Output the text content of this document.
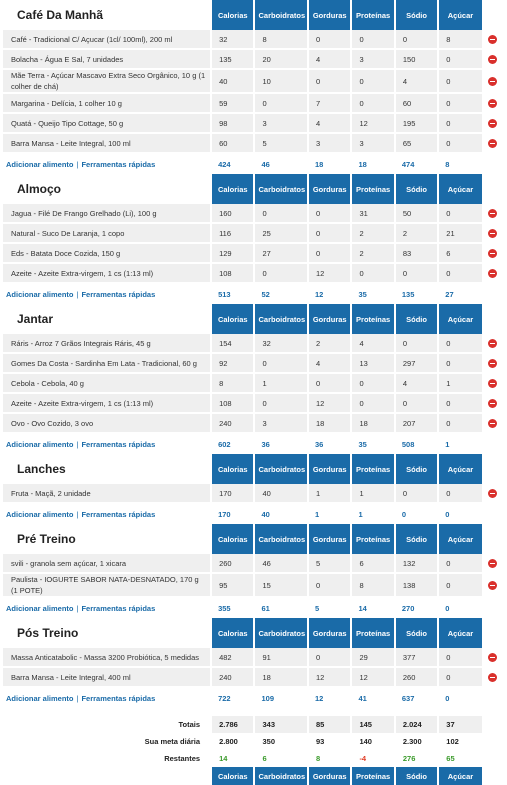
Café Da Manhã	Calorias	Carboidratos	Gorduras	Proteínas	Sódio	Açúcar	
Café - Tradicional C/ Açucar (1cl/ 100ml), 200 ml	32	8	0	0	0	8	
Bolacha - Água E Sal, 7 unidades	135	20	4	3	150	0	
Mãe Terra - Açúcar Mascavo Extra Seco Orgânico, 10 g (1 colher de chá)	40	10	0	0	4	0	
Margarina - Delícia, 1 colher 10 g	59	0	7	0	60	0	
Quatá - Queijo Tipo Cottage, 50 g	98	3	4	12	195	0	
Barra Mansa - Leite Integral, 100 ml	60	5	3	3	65	0	
Adicionar alimento | Ferramentas rápidas	424	46	18	18	474	8	
Almoço	Calorias	Carboidratos	Gorduras	Proteínas	Sódio	Açúcar	
Jagua - Filé De Frango Grelhado (Li), 100 g	160	0	0	31	50	0	
Natural - Suco De Laranja, 1 copo	116	25	0	2	2	21	
Eds - Batata Doce Cozida, 150 g	129	27	0	2	83	6	
Azeite - Azeite Extra-virgem, 1 cs (1:13 ml)	108	0	12	0	0	0	
Adicionar alimento | Ferramentas rápidas	513	52	12	35	135	27	
Jantar	Calorias	Carboidratos	Gorduras	Proteínas	Sódio	Açúcar	
Ráris - Arroz 7 Grãos Integrais Ráris, 45 g	154	32	2	4	0	0	
Gomes Da Costa - Sardinha Em Lata - Tradicional, 60 g	92	0	4	13	297	0	
Cebola - Cebola, 40 g	8	1	0	0	4	1	
Azeite - Azeite Extra-virgem, 1 cs (1:13 ml)	108	0	12	0	0	0	
Ovo - Ovo Cozido, 3 ovo	240	3	18	18	207	0	
Adicionar alimento | Ferramentas rápidas	602	36	36	35	508	1	
Lanches	Calorias	Carboidratos	Gorduras	Proteínas	Sódio	Açúcar	
Fruta - Maçã, 2 unidade	170	40	1	1	0	0	
Adicionar alimento | Ferramentas rápidas	170	40	1	1	0	0	
Pré Treino	Calorias	Carboidratos	Gorduras	Proteínas	Sódio	Açúcar	
svili - granola sem açúcar, 1 xicara	260	46	5	6	132	0	
Paulista - IOGURTE SABOR NATA-DESNATADO, 170 g (1 POTE)	95	15	0	8	138	0	
Adicionar alimento | Ferramentas rápidas	355	61	5	14	270	0	
Pós Treino	Calorias	Carboidratos	Gorduras	Proteínas	Sódio	Açúcar	
Massa Anticatabolic - Massa 3200 Probiótica, 5 medidas	482	91	0	29	377	0	
Barra Mansa - Leite Integral, 400 ml	240	18	12	12	260	0	
Adicionar alimento | Ferramentas rápidas	722	109	12	41	637	0	

Totais	2.786	343	85	145	2.024	37	
Sua meta diária	2.800	350	93	140	2.300	102	
Restantes	14	6	8	-4	276	65	
	Calorias	Carboidratos	Gorduras	Proteínas	Sódio	Açúcar	
